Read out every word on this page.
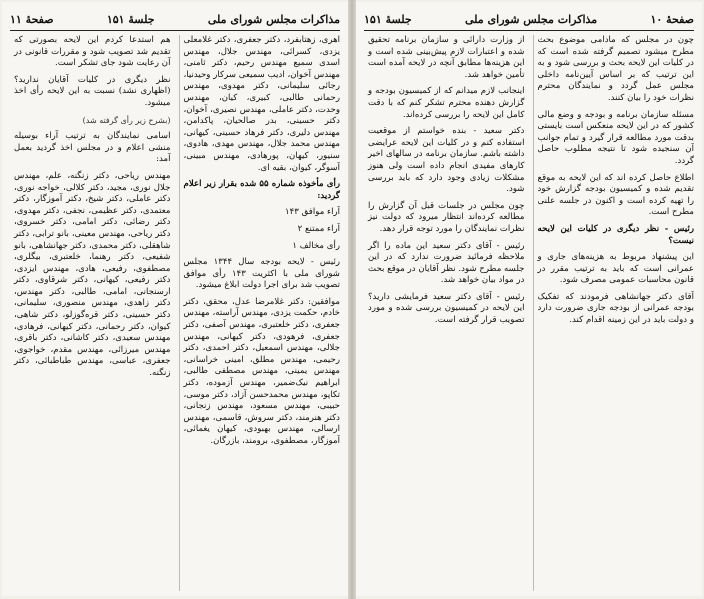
مذاکرات مجلس شورای ملی
جلسهٔ ۱۵۱
صفحهٔ ۱۱

اهری، زهتابفرد، دکتر جعفری، دکتر غلامعلی یزدی، کسرائی، مهندس جلال، مهندس اسدی سمیع مهندس رحیم، دکتر ثامنی، مهندس آخوان، ادیب سمیعی سرکار وحیدنیا، رجائی سلیمانی، دکتر مهدوی، مهندس رحمانی طالبی، کبیری، کیان، مهندس وحدت، دکتر عاملی، مهندس نصیری، آخوان، دکتر حسینی، بدر صالحیان، پاکدامن، مهندس دلیری، دکتر فرهاد حسینی، کیهانی، مهندس محمد جلال، مهندس مهدی، هادوی، سنیور، کیهان، پورهادی، مهندس مبینی، آسوگر، کیوان، بقیه ای.

رأی مأخوذه شماره ۵۵ شده بقرار زیر اعلام گردید:

آراء موافق ۱۴۳

آراء ممتنع ۲

رأی مخالف ۱

رئیس - لایحه بودجه سال ۱۳۴۴ مجلس شورای ملی با اکثریت ۱۴۳ رأی موافق تصویب شد برای اجرا دولت ابلاغ میشود.

موافقین: دکتر غلامرضا عدل، محقق، دکتر خادم، حکمت یزدی، مهندس آراسته، مهندس جعفری، دکتر خلعتبری، مهندس آصفی، دکتر جعفری، فرهودی، دکتر کیهانی، مهندس جلالی، مهندس اسمعیل، دکتر احمدی، دکتر رحیمی، مهندس مطلق، امینی خراسانی، مهندس یمینی، مهندس مصطفی طالبی، ابراهیم نیک‌ضمیر، مهندس آزموده، دکتر تکاپو، مهندس محمدحسن آزاد، دکتر موسی، حبیبی، مهندس مسعود، مهندس زنجانی، دکتر هنرمند، دکتر سروش، قاسمی، مهندس ارسالی، مهندس بهبودی، کیهان یغمائی، آموزگار، مصطفوی، برومند، بازرگان.

هم استدعا کردم این لایحه بصورتی که تقدیم شد تصویب شود و مقررات قانونی در آن رعایت شود جای تشکر است.

نظر دیگری در کلیات آقایان ندارید؟ (اظهاری نشد) نسبت به این لایحه رأی اخذ میشود.

(بشرح زیر رأی گرفته شد)

اسامی نمایندگان به ترتیب آراء بوسیله منشی اعلام و در مجلس اخذ گردید بعمل آمد:

مهندس ریاحی، دکتر زنگنه، علم، مهندس جلال نوری، مجید، دکتر کلالی، خواجه نوری، دکتر عاملی، دکتر شیخ، دکتر آموزگار، دکتر معتمدی، دکتر عظیمی، نجفی، دکتر مهدوی، دکتر رضائی، دکتر امامی، دکتر خسروی، دکتر ریاحی، مهندس معینی، بانو ترابی، دکتر شاهقلی، دکتر محمدی، دکتر جهانشاهی، بانو شفیعی، دکتر رهنما، خلعتبری، بیگلری، مصطفوی، رفیعی، هادی، مهندس ایزدی، دکتر رفیعی، کیهانی، دکتر شرقاوی، دکتر ارسنجانی، امامی، طالبی، دکتر مهندس، دکتر زاهدی، مهندس منصوری، سلیمانی، دکتر حسینی، دکتر قره‌گوزلو، دکتر شاهی، کیوان، دکتر رحمانی، دکتر کیهانی، فرهادی، مهندس سعیدی، دکتر کاشانی، دکتر باقری، مهندس میرزائی، مهندس مقدم، خواجوی، جعفری، عباسی، مهندس طباطبائی، دکتر زنگنه.

صفحهٔ ۱۰
مذاکرات مجلس شورای ملی
جلسهٔ ۱۵۱

چون در مجلس که مادامی موضوع بحث مطرح میشود تصمیم گرفته شده است که در کلیات این لایحه بحث و بررسی شود و به این ترتیب که بر اساس آیین‌نامه داخلی مجلس عمل گردد و نمایندگان محترم نظرات خود را بیان کنند.

مسئله سازمان برنامه و بودجه و وضع مالی کشور که در این لایحه منعکس است بایستی بدقت مورد مطالعه قرار گیرد و تمام جوانب آن سنجیده شود تا نتیجه مطلوب حاصل گردد.

اطلاع حاصل کرده اند که این لایحه به موقع تقدیم شده و کمیسیون بودجه گزارش خود را تهیه کرده است و اکنون در جلسه علنی مطرح است.

رئیس - نظر دیگری در کلیات این لایحه نیست؟

این پیشنهاد مربوط به هزینه‌های جاری و عمرانی است که باید به ترتیب مقرر در قانون محاسبات عمومی مصرف شود.

آقای دکتر جهانشاهی فرمودند که تفکیک بودجه عمرانی از بودجه جاری ضرورت دارد و دولت باید در این زمینه اقدام کند.

از وزارت دارائی و سازمان برنامه تحقیق شده و اعتبارات لازم پیش‌بینی شده است و این هزینه‌ها مطابق آنچه در لایحه آمده است تأمین خواهد شد.

اینجانب لازم میدانم که از کمیسیون بودجه و گزارش دهنده محترم تشکر کنم که با دقت کامل این لایحه را بررسی کرده‌اند.

دکتر سعید - بنده خواستم از موقعیت استفاده کنم و در کلیات این لایحه عرایضی داشته باشم. سازمان برنامه در سالهای اخیر کارهای مفیدی انجام داده است ولی هنوز مشکلات زیادی وجود دارد که باید بررسی شود.

چون مجلس در جلسات قبل آن گزارش را مطالعه کرده‌اند انتظار میرود که دولت نیز نظرات نمایندگان را مورد توجه قرار دهد.

رئیس - آقای دکتر سعید این ماده را اگر ملاحظه فرمائید ضرورت ندارد که در این جلسه مطرح شود. نظر آقایان در موقع بحث در مواد بیان خواهد شد.

رئیس - آقای دکتر سعید فرمایشی دارید؟ این لایحه در کمیسیون بررسی شده و مورد تصویب قرار گرفته است.
